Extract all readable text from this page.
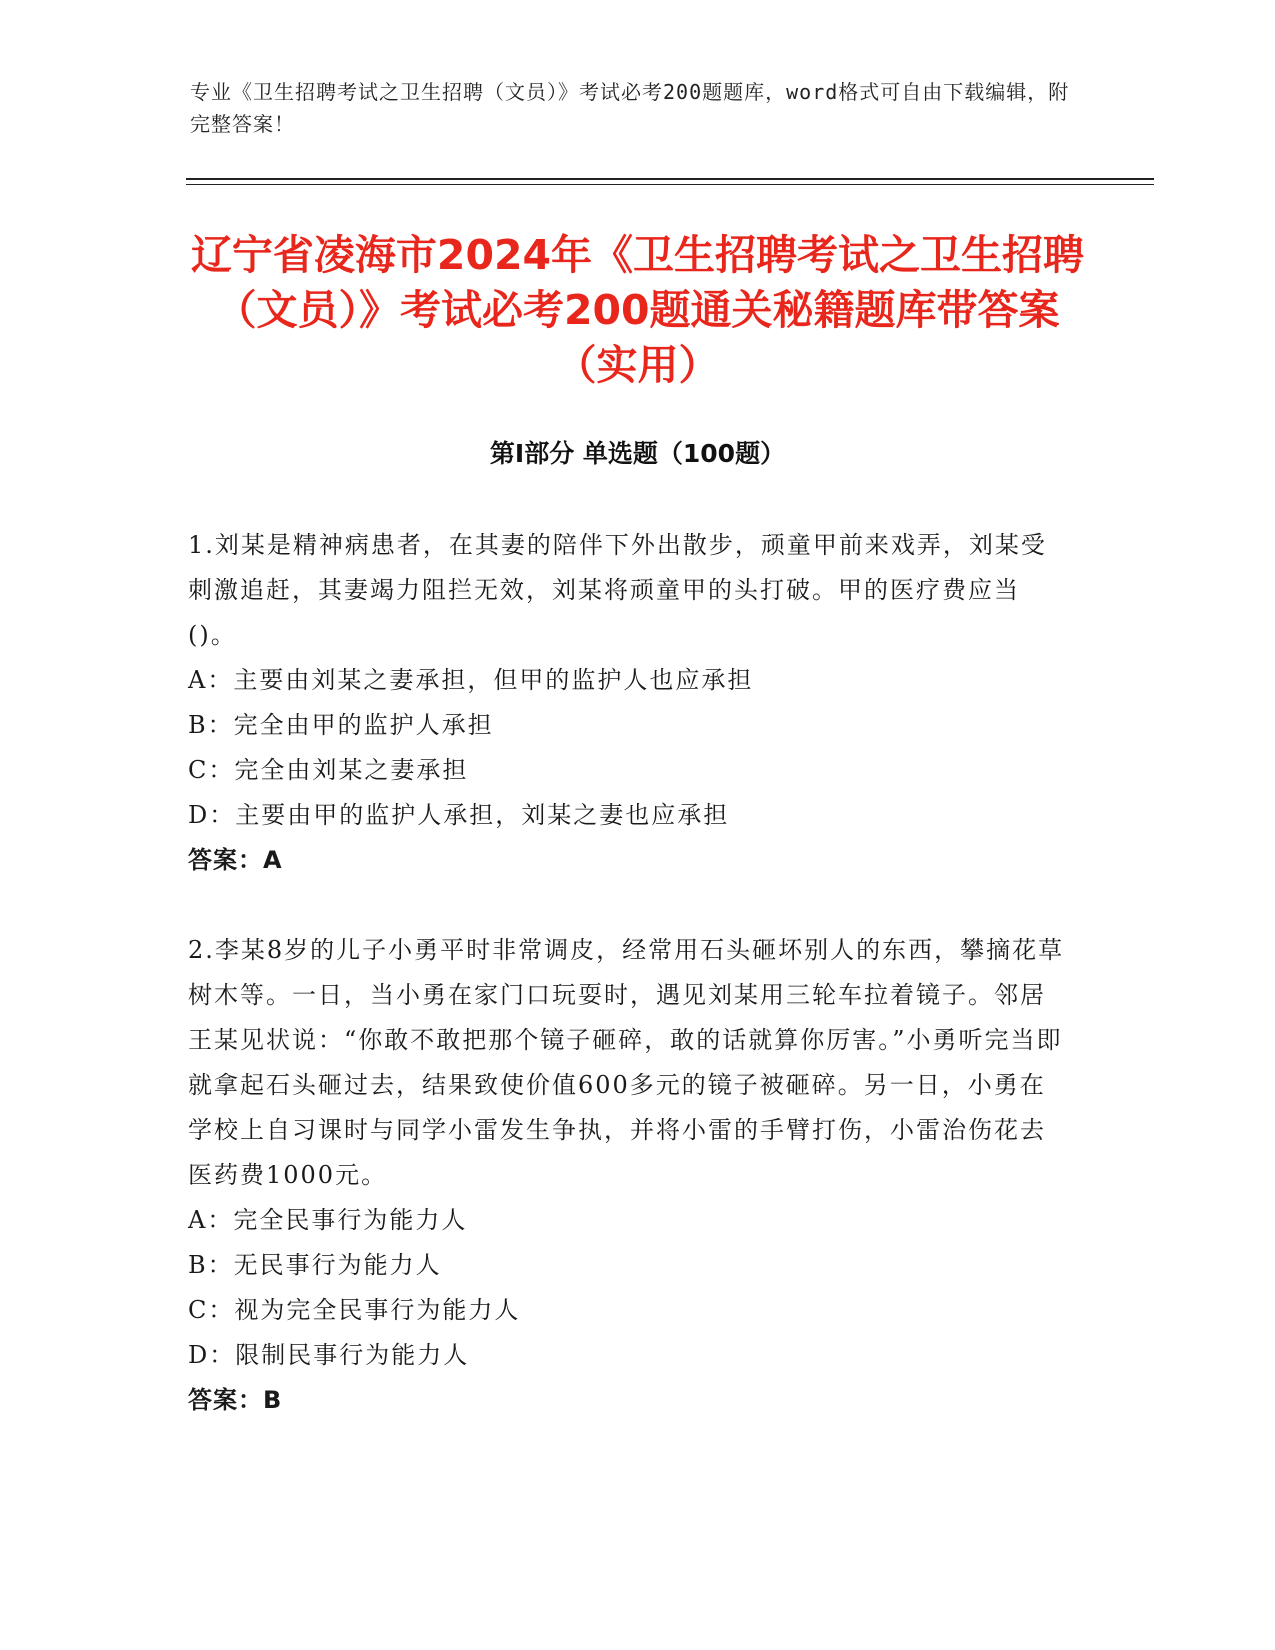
专业《卫生招聘考试之卫生招聘（文员）》考试必考200题题库，word格式可自由下载编辑，附完整答案！
辽宁省凌海市2024年《卫生招聘考试之卫生招聘（文员）》考试必考200题通关秘籍题库带答案（实用）
第I部分 单选题（100题）

1.刘某是精神病患者，在其妻的陪伴下外出散步，顽童甲前来戏弄，刘某受刺激追赶，其妻竭力阻拦无效，刘某将顽童甲的头打破。甲的医疗费应当()。

A：主要由刘某之妻承担，但甲的监护人也应承担

B：完全由甲的监护人承担

C：完全由刘某之妻承担

D：主要由甲的监护人承担，刘某之妻也应承担

答案：A

2.李某8岁的儿子小勇平时非常调皮，经常用石头砸坏别人的东西，攀摘花草树木等。一日，当小勇在家门口玩耍时，遇见刘某用三轮车拉着镜子。邻居王某见状说：“你敢不敢把那个镜子砸碎，敢的话就算你厉害。”小勇听完当即就拿起石头砸过去，结果致使价值600多元的镜子被砸碎。另一日，小勇在学校上自习课时与同学小雷发生争执，并将小雷的手臂打伤，小雷治伤花去医药费1000元。

A：完全民事行为能力人

B：无民事行为能力人

C：视为完全民事行为能力人

D：限制民事行为能力人

答案：B
